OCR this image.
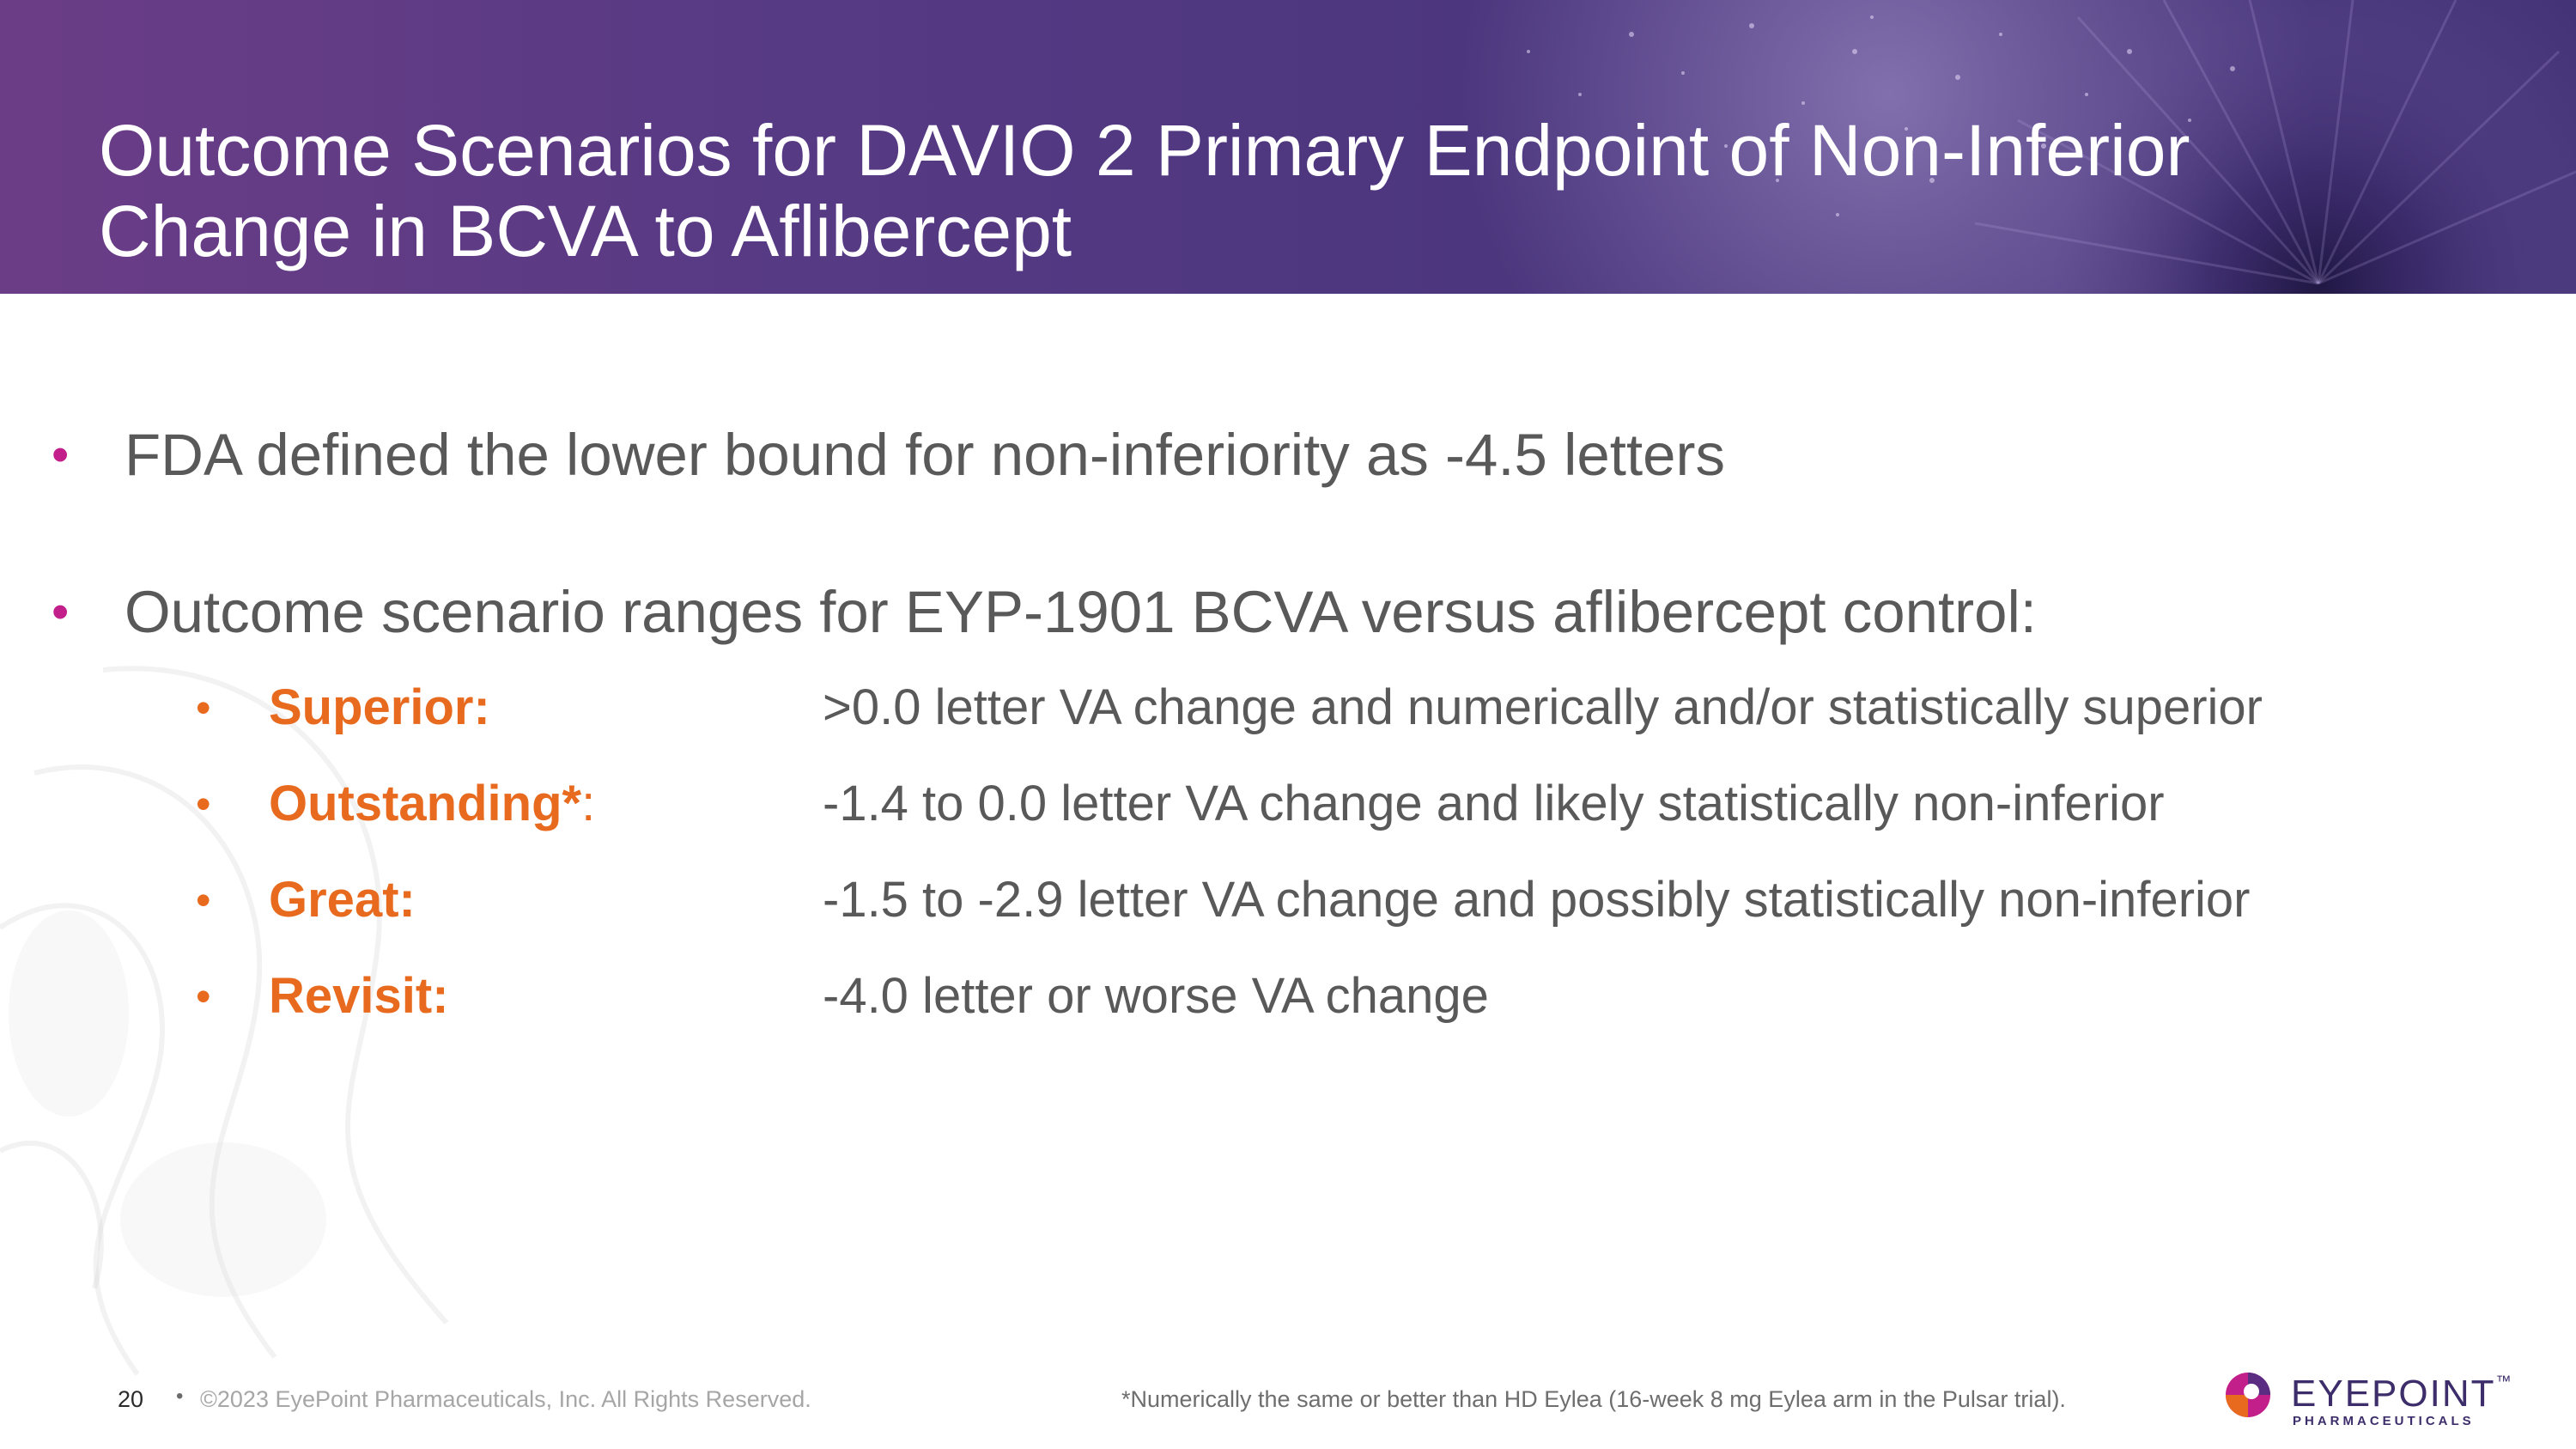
Outcome Scenarios for DAVIO 2 Primary Endpoint of Non-Inferior
Change in BCVA to Aflibercept
• FDA defined the lower bound for non-inferiority as -4.5 letters
• Outcome scenario ranges for EYP-1901 BCVA versus aflibercept control:
•	Superior:	>0.0 letter VA change and numerically and/or statistically superior
•	Outstanding*:	-1.4 to 0.0 letter VA change and likely statistically non-inferior
•	Great:	-1.5 to -2.9 letter VA change and possibly statistically non-inferior
•	Revisit:	-4.0 letter or worse VA change
20 • ©2023 EyePoint Pharmaceuticals, Inc. All Rights Reserved.	*Numerically the same or better than HD Eylea (16-week 8 mg Eylea arm in the Pulsar trial).	EYEPOINT™
PHARMACEUTICALS
